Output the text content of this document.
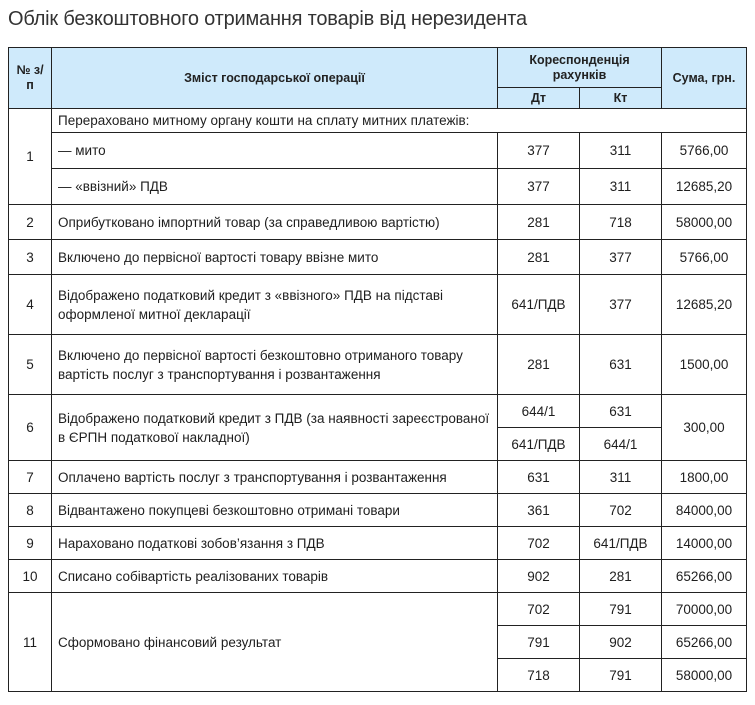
Облік безкоштовного отримання товарів від нерезидента
№ з/п	Зміст господарської операції	Кореспонденція рахунків		Сума, грн.
		Дт	Кт	
1	Перераховано митному органу кошти на сплату митних платежів:			
	— мито	377	311	5766,00
	— «ввізний» ПДВ	377	311	12685,20
2	Оприбутковано імпортний товар (за справедливою вартістю)	281	718	58000,00
3	Включено до первісної вартості товару ввізне мито	281	377	5766,00
4	Відображено податковий кредит з «ввізного» ПДВ на підставі оформленої митної декларації	641/ПДВ	377	12685,20
5	Включено до первісної вартості безкоштовно отриманого товару вартість послуг з транспортування і розвантаження	281	631	1500,00
6	Відображено податковий кредит з ПДВ (за наявності зареєстрованої в ЄРПН податкової накладної)	644/1	631	300,00
		641/ПДВ	644/1	
7	Оплачено вартість послуг з транспортування і розвантаження	631	311	1800,00
8	Відвантажено покупцеві безкоштовно отримані товари	361	702	84000,00
9	Нараховано податкові зобов’язання з ПДВ	702	641/ПДВ	14000,00
10	Списано собівартість реалізованих товарів	902	281	65266,00
11	Сформовано фінансовий результат	702	791	70000,00
		791	902	65266,00
		718	791	58000,00
